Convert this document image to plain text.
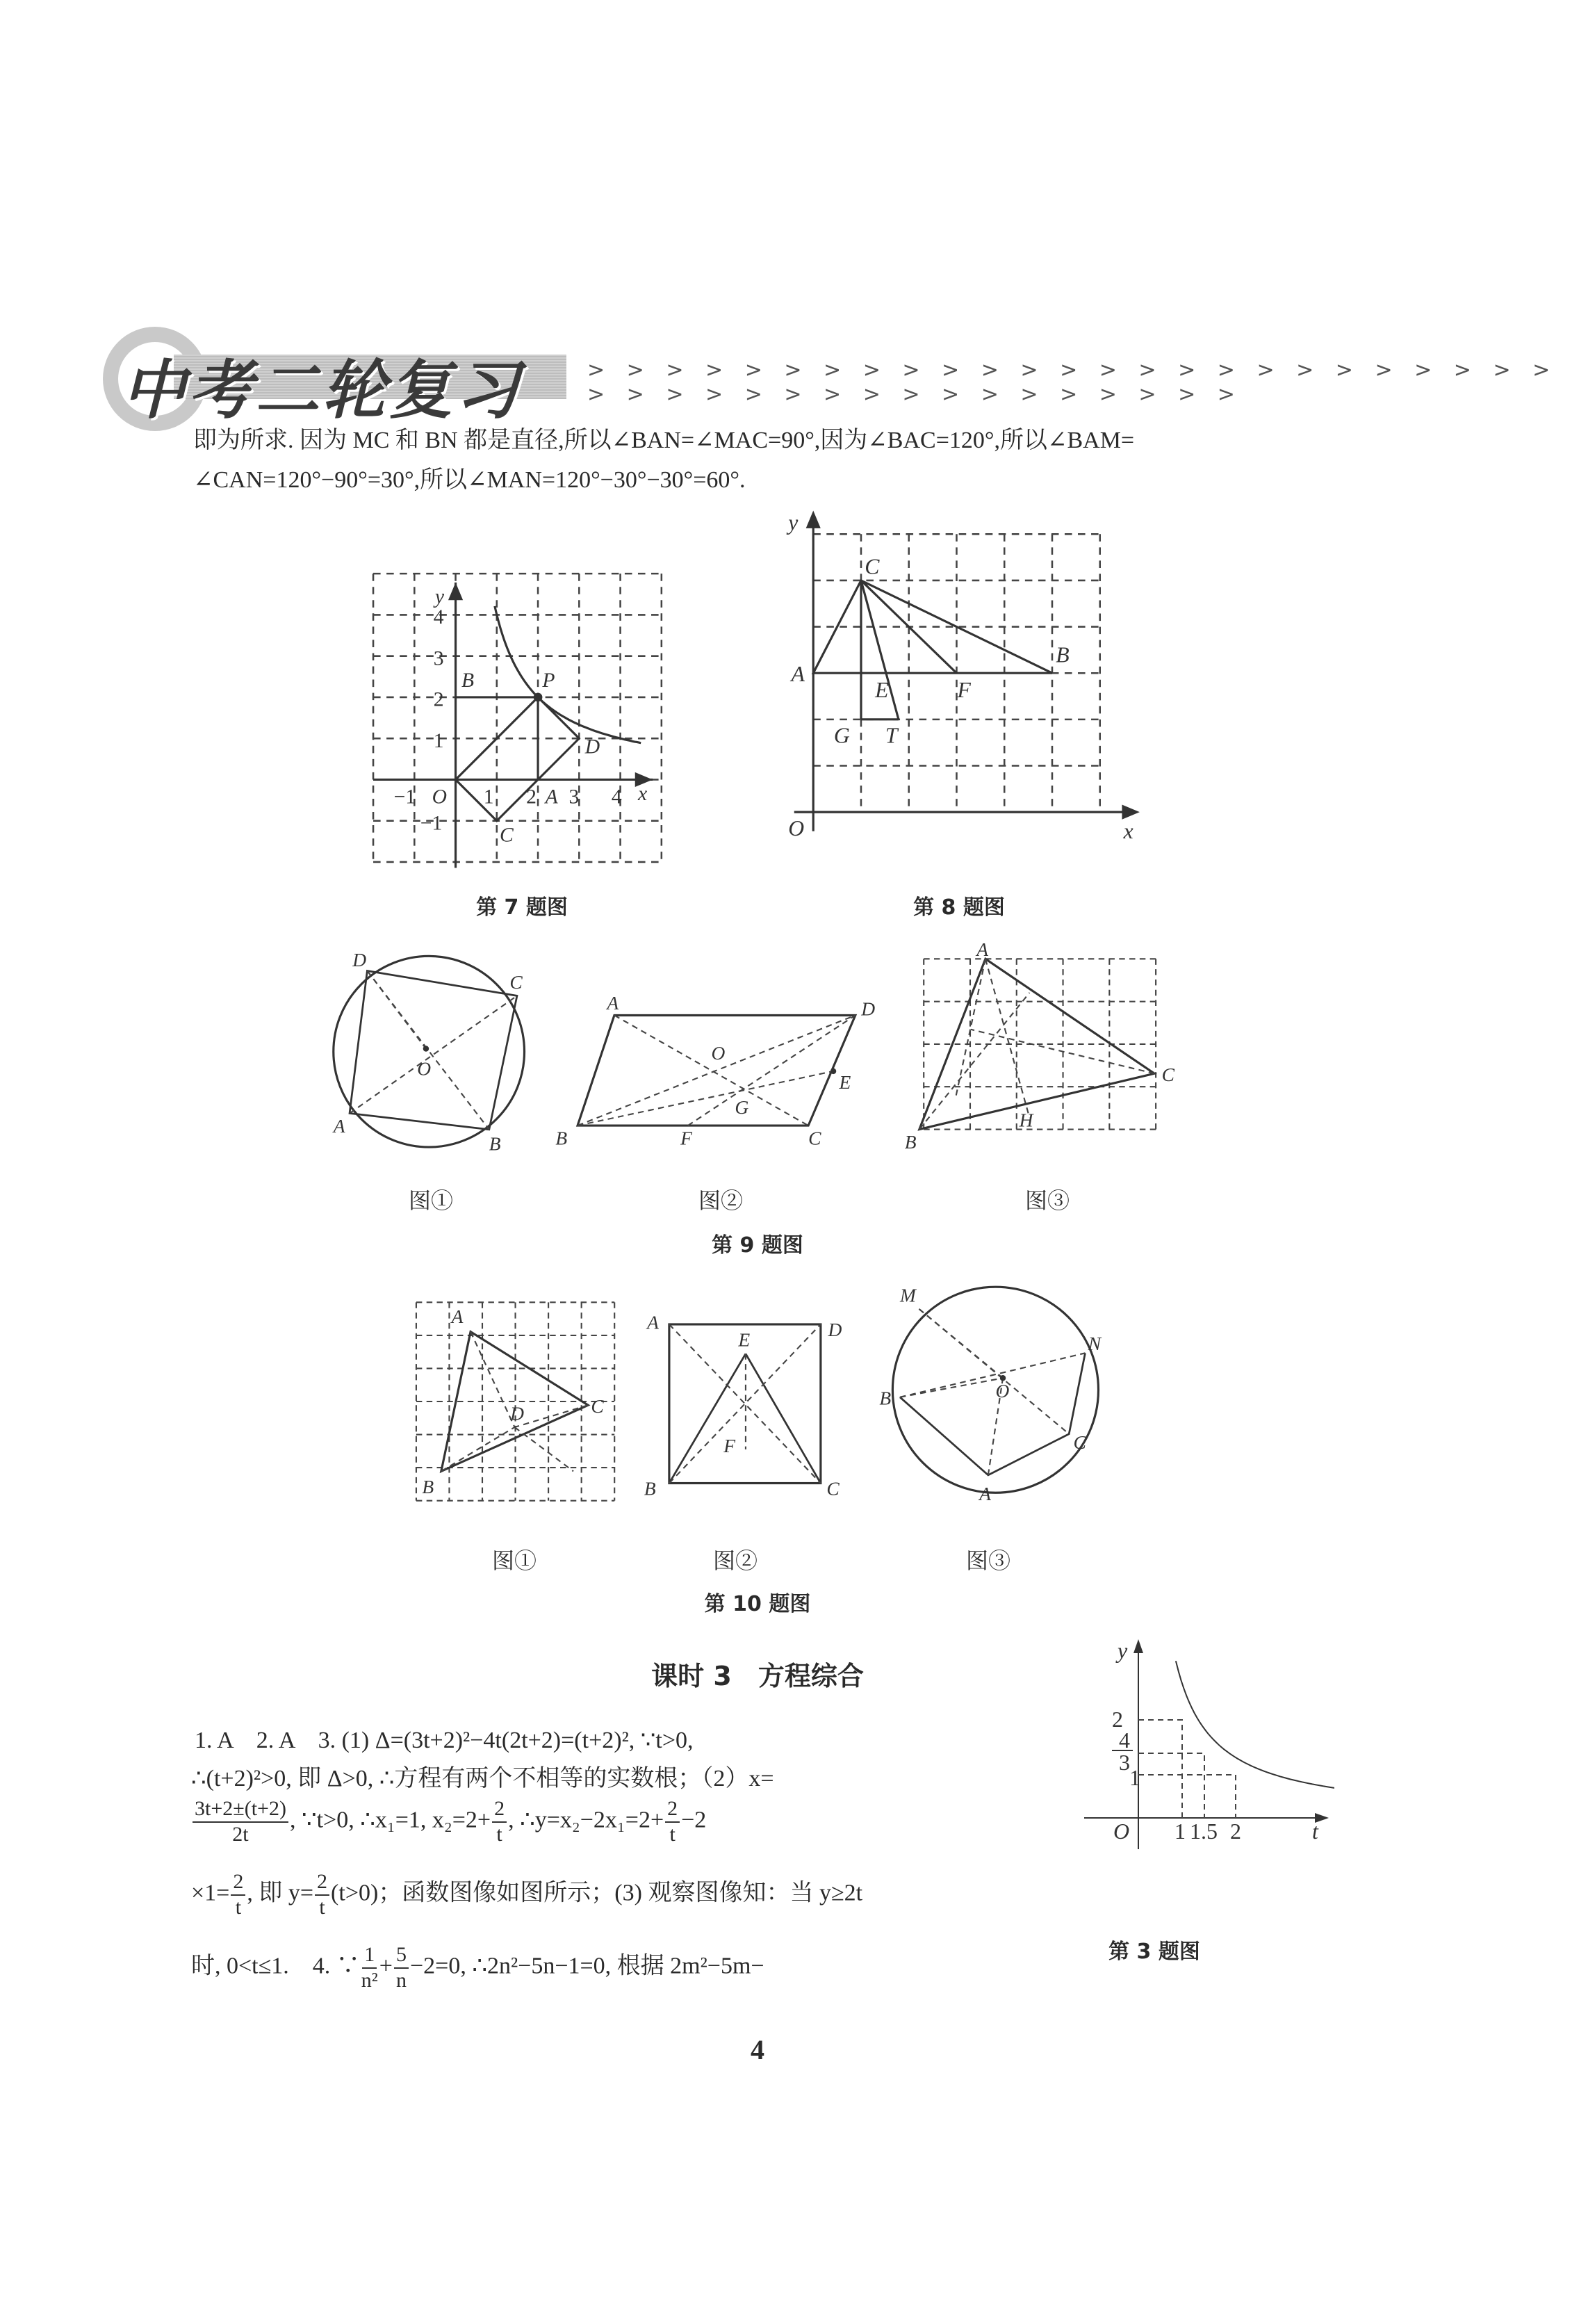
中考二轮复习	> > > > > > > > > > > > > > > > > > > > > > > > > > > > > > > > > > > > > > > > > >
即为所求. 因为 MC 和 BN 都是直径,所以∠BAN=∠MAC=90°,因为∠BAC=120°,所以∠BAM=
∠CAN=120°−90°=30°,所以∠MAN=120°−30°−30°=60°.
y
x
O
B	P
D
A
C
4
3
2
1
−1
−1	1	2	3	4
第 7 题图
y
x
O
C
A
B
E	F
G	T
第 8 题图
D
C
B
A
O
A	D
C
B
O
E
F
G
A
B
C
H
图①	图②	图③
第 9 题图
A
B
C
D
A	D
E
F
B	C
M
N
B
C
A
O
图①	图②	图③
第 10 题图
课时 3　方程综合
1. A　2. A　3. (1) Δ=(3t+2)²−4t(2t+2)=(t+2)², ∵t>0,
∴(t+2)²>0, 即 Δ>0, ∴方程有两个不相等的实数根；（2）x=
$\frac{3t+2\pm(t+2)}{2t}$ , ∵t>0, ∴x₁=1, $x_2=2+ \frac{2}{t}$ , ∴y=x₂−2x₁=2+ $\frac{2}{t} -2$
$\times 1= \frac{2}{t}$ , 即 $y= \frac{2}{t} (t>0)$；函数图像如图所示；(3) 观察图像知：当 y≥2t
时, 0<t≤1.　4. ∵ $\frac{1}{\text{n²}} + \frac{5}{n} -2=0$, ∴2n²−5n−1=0, 根据 2m²−5m−
y
t
O
2
4
3
1
1 1.5 2
第 3 题图
4
